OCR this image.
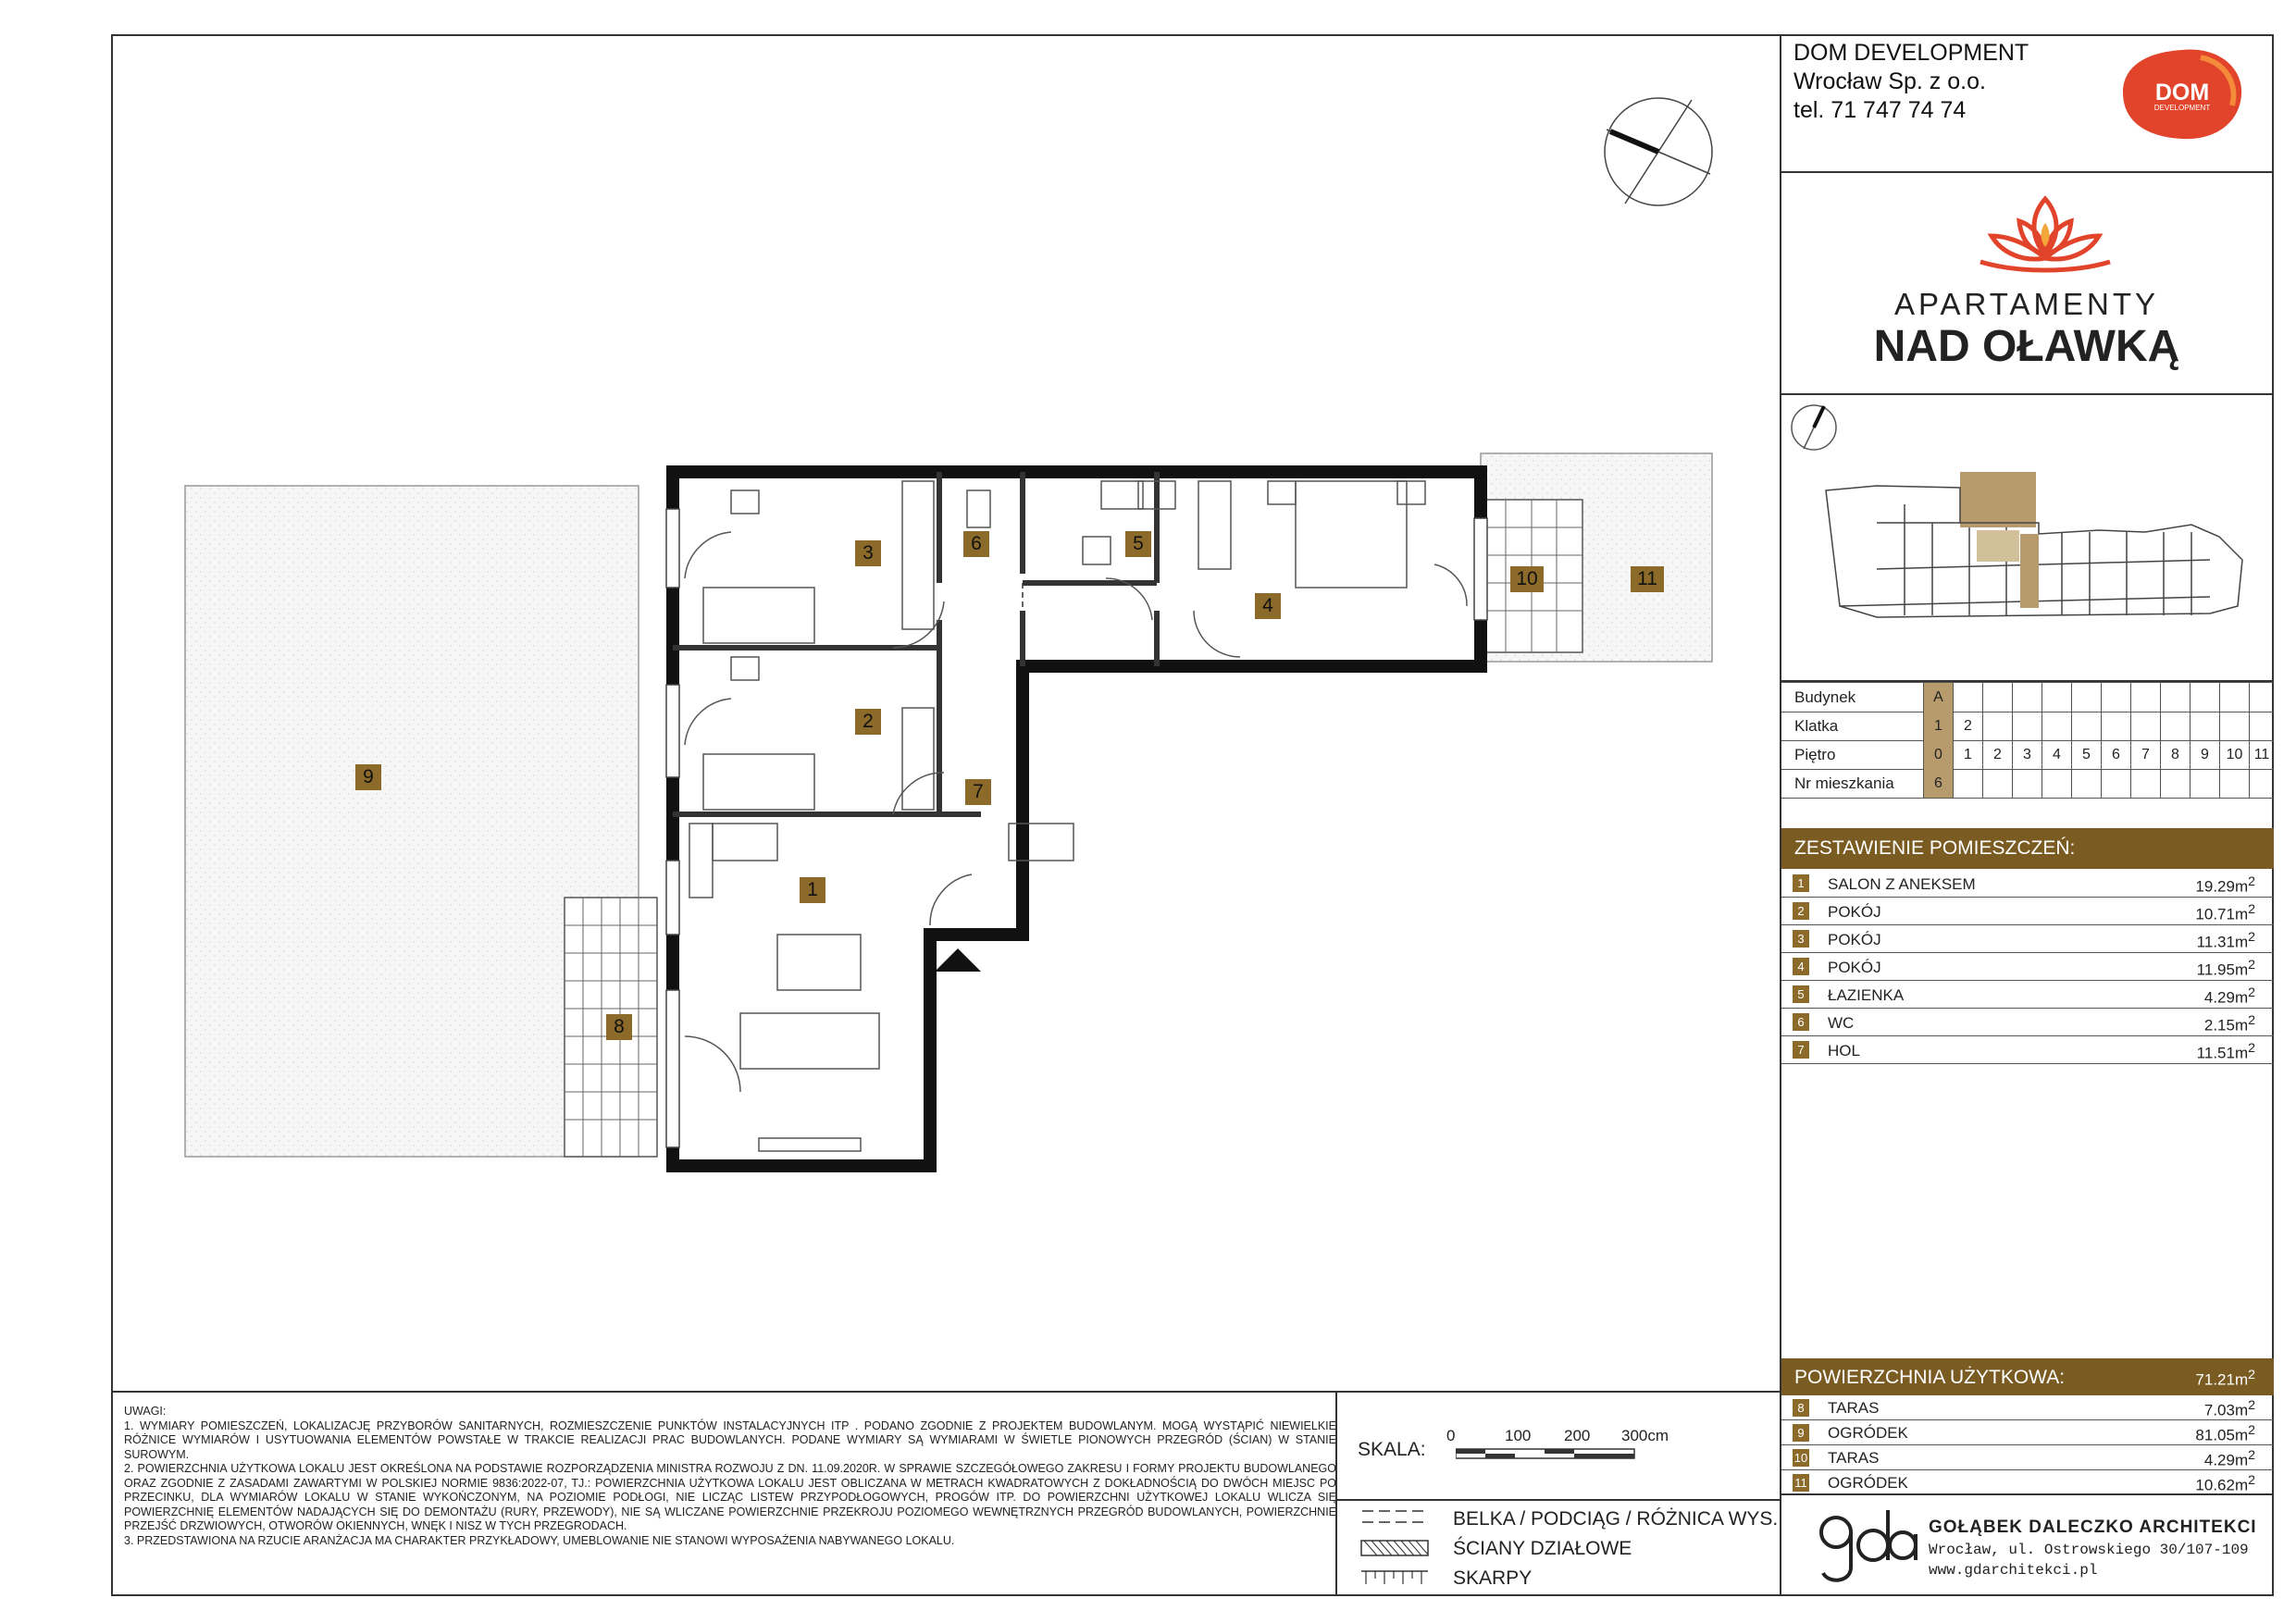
DOM DEVELOPMENT
Wrocław Sp. z o.o.
tel. 71 747 74 74
DOM
DEVELOPMENT
APARTAMENTY
NAD OŁAWKĄ
Budynek	A
Klatka	1	2
Piętro	0	1	2	3	4	5	6	7	8	9	10 11
Nr mieszkania	6
ZESTAWIENIE POMIESZCZEŃ:
1	SALON Z ANEKSEM	$19.29m^2$
2	POKÓJ	$10.71m^2$
3	POKÓJ	$11.31m^2$
4	POKÓJ	$11.95m^2$
5	ŁAZIENKA	$4.29m^2$
6	WC	$2.15m^2$
7	HOL	$11.51m^2$
POWIERZCHNIA UŻYTKOWA:	$71.21m^2$
8	TARAS	$7.03m^2$
9	OGRÓDEK	$81.05m^2$
10 TARAS	$4.29m^2$
11 OGRÓDEK	$10.62m^2$
GOŁĄBEK DALECZKO ARCHITEKCI
Wrocław, ul. Ostrowskiego 30/107-109
www.gdarchitekci.pl
UWAGI:
1. WYMIARY POMIESZCZEŃ, LOKALIZACJĘ PRZYBORÓW SANITARNYCH, ROZMIESZCZENIE PUNKTÓW INSTALACYJNYCH ITP . PODANO ZGODNIE Z PROJEKTEM BUDOWLANYM. MOGĄ WYSTĄPIĆ NIEWIELKIE RÓŻNICE WYMIARÓW I USYTUOWANIA ELEMENTÓW POWSTAŁE W TRAKCIE REALIZACJI PRAC BUDOWLANYCH. PODANE WYMIARY SĄ WYMIARAMI W ŚWIETLE PIONOWYCH PRZEGRÓD (ŚCIAN) W STANIE SUROWYM.
2. POWIERZCHNIA UŻYTKOWA LOKALU JEST OKREŚLONA NA PODSTAWIE ROZPORZĄDZENIA MINISTRA ROZWOJU Z DN. 11.09.2020R. W SPRAWIE SZCZEGÓŁOWEGO ZAKRESU I FORMY PROJEKTU BUDOWLANEGO ORAZ ZGODNIE Z ZASADAMI ZAWARTYMI W POLSKIEJ NORMIE 9836:2022-07, TJ.: POWIERZCHNIA UŻYTKOWA LOKALU JEST OBLICZANA W METRACH KWADRATOWYCH Z DOKŁADNOŚCIĄ DO DWÓCH MIEJSC PO PRZECINKU, DLA WYMIARÓW LOKALU W STANIE WYKOŃCZONYM, NA POZIOMIE PODŁOGI, NIE LICZĄC LISTEW PRZYPODŁOGOWYCH, PROGÓW ITP. DO POWIERZCHNI UŻYTKOWEJ LOKALU WLICZA SIĘ POWIERZCHNIĘ ELEMENTÓW NADAJĄCYCH SIĘ DO DEMONTAŻU (RURY, PRZEWODY), NIE SĄ WLICZANE POWIERZCHNIE PRZEKROJU POZIOMEGO WEWNĘTRZNYCH PRZEGRÓD BUDOWLANYCH, POWIERZCHNIE PRZEJŚĆ DRZWIOWYCH, OTWORÓW OKIENNYCH, WNĘK I NISZ W TYCH PRZEGRODACH.
3. PRZEDSTAWIONA NA RZUCIE ARANŻACJA MA CHARAKTER PRZYKŁADOWY, UMEBLOWANIE NIE STANOWI WYPOSAŻENIA NABYWANEGO LOKALU.
SKALA:
0	100 200 300cm
BELKA / PODCIĄG / RÓŻNICA WYS.
ŚCIANY DZIAŁOWE
SKARPY
1
2
3
4
5
6
7
8
9
10	11
